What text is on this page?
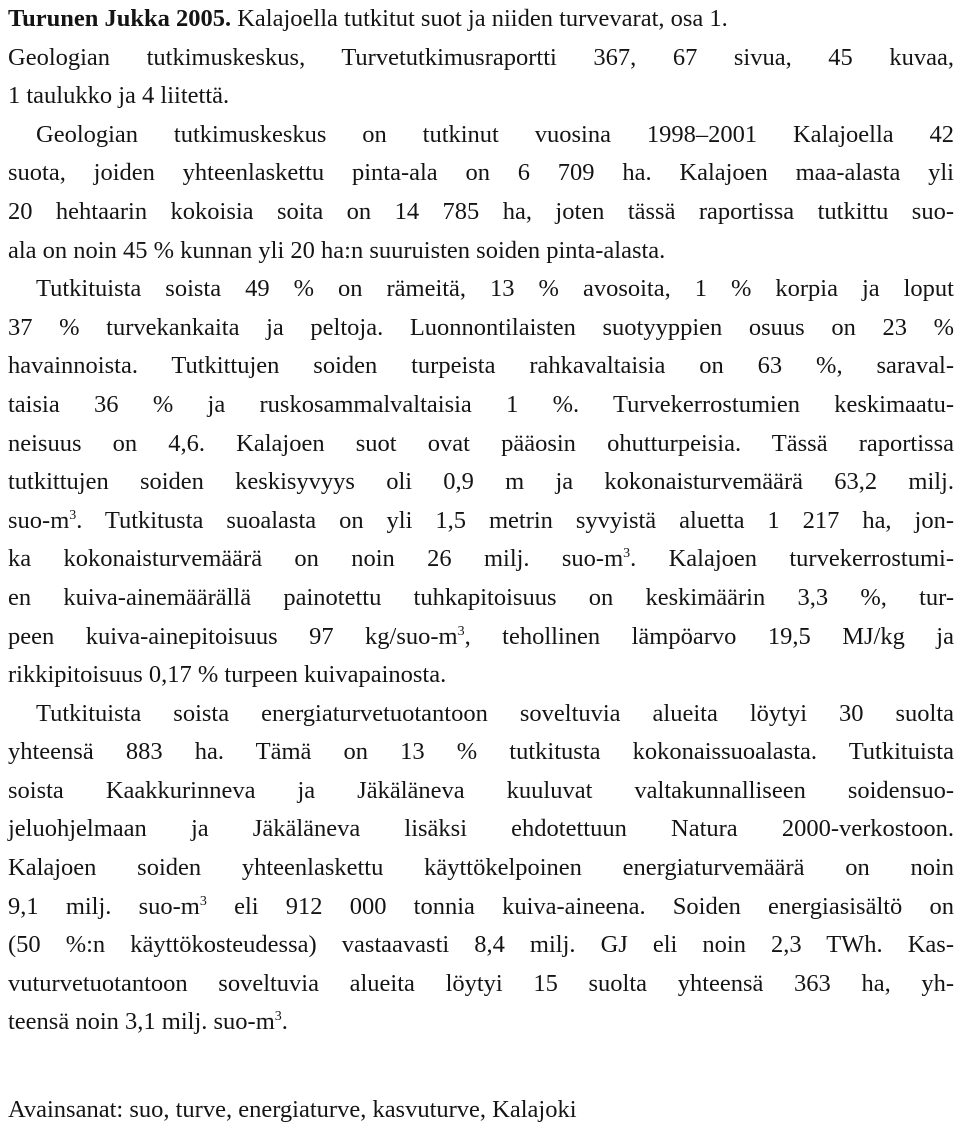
Turunen Jukka 2005. Kalajoella tutkitut suot ja niiden turvevarat, osa 1.
Geologian tutkimuskeskus, Turvetutkimusraportti 367, 67 sivua, 45 kuvaa,
1 taulukko ja 4 liitettä.
Geologian tutkimuskeskus on tutkinut vuosina 1998–2001 Kalajoella 42
suota, joiden yhteenlaskettu pinta-ala on 6 709 ha. Kalajoen maa-alasta yli
20 hehtaarin kokoisia soita on 14 785 ha, joten tässä raportissa tutkittu suo-
ala on noin 45 % kunnan yli 20 ha:n suuruisten soiden pinta-alasta.
Tutkituista soista 49 % on rämeitä, 13 % avosoita, 1 % korpia ja loput
37 % turvekankaita ja peltoja. Luonnontilaisten suotyyppien osuus on 23 %
havainnoista. Tutkittujen soiden turpeista rahkavaltaisia on 63 %, saraval-
taisia 36 % ja ruskosammalvaltaisia 1 %. Turvekerrostumien keskimaatu-
neisuus on 4,6. Kalajoen suot ovat pääosin ohutturpeisia. Tässä raportissa
tutkittujen soiden keskisyvyys oli 0,9 m ja kokonaisturvemäärä 63,2 milj.
suo-$m^3$. Tutkitusta suoalasta on yli 1,5 metrin syvyistä aluetta 1 217 ha, jon-
ka kokonaisturvemäärä on noin 26 milj. suo-$m^3$. Kalajoen turvekerrostumi-
en kuiva-ainemäärällä painotettu tuhkapitoisuus on keskimäärin 3,3 %, tur-
peen kuiva-ainepitoisuus 97 $kg/suo-m^3$, tehollinen lämpöarvo 19,5 MJ/kg ja
rikkipitoisuus 0,17 % turpeen kuivapainosta.
Tutkituista soista energiaturvetuotantoon soveltuvia alueita löytyi 30 suolta
yhteensä 883 ha. Tämä on 13 % tutkitusta kokonaissuoalasta. Tutkituista
soista Kaakkurinneva ja Jäkäläneva kuuluvat valtakunnalliseen soidensuo-
jeluohjelmaan ja Jäkäläneva lisäksi ehdotettuun Natura 2000-verkostoon.
Kalajoen soiden yhteenlaskettu käyttökelpoinen energiaturvemäärä on noin
9,1 milj. suo-$m^3$ eli 912 000 tonnia kuiva-aineena. Soiden energiasisältö on
(50 %:n käyttökosteudessa) vastaavasti 8,4 milj. GJ eli noin 2,3 TWh. Kas-
vuturvetuotantoon soveltuvia alueita löytyi 15 suolta yhteensä 363 ha, yh-
teensä noin 3,1 milj. suo-$m^3$.
Avainsanat: suo, turve, energiaturve, kasvuturve, Kalajoki
